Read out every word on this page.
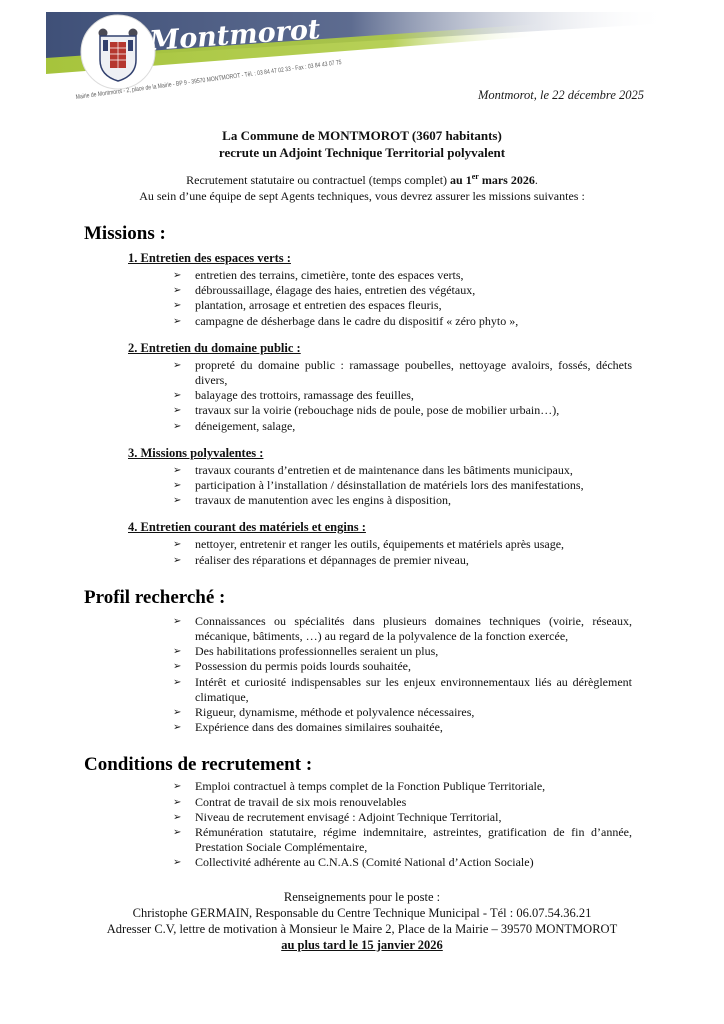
Montmorot
Mairie de Montmorot - 2, place de la Mairie - BP 9 - 39570 MONTMOROT - Tél. : 03 84 47 02 33 - Fax : 03 84 43 07 75	Montmorot, le 22 décembre 2025
La Commune de MONTMOROT (3607 habitants)
recrute un Adjoint Technique Territorial polyvalent
Recrutement statutaire ou contractuel (temps complet) au 1er mars 2026.
Au sein d’une équipe de sept Agents techniques, vous devrez assurer les missions suivantes :
Missions :
1. Entretien des espaces verts :
➢ entretien des terrains, cimetière, tonte des espaces verts,
➢ débroussaillage, élagage des haies, entretien des végétaux,
➢ plantation, arrosage et entretien des espaces fleuris,
➢ campagne de désherbage dans le cadre du dispositif « zéro phyto »,
2. Entretien du domaine public :
➢ propreté du domaine public : ramassage poubelles, nettoyage avaloirs, fossés, déchets divers,
➢ balayage des trottoirs, ramassage des feuilles,
➢ travaux sur la voirie (rebouchage nids de poule, pose de mobilier urbain…),
➢ déneigement, salage,
3. Missions polyvalentes :
➢ travaux courants d’entretien et de maintenance dans les bâtiments municipaux,
➢ participation à l’installation / désinstallation de matériels lors des manifestations,
➢ travaux de manutention avec les engins à disposition,
4. Entretien courant des matériels et engins :
➢ nettoyer, entretenir et ranger les outils, équipements et matériels après usage,
➢ réaliser des réparations et dépannages de premier niveau,
Profil recherché :
➢ Connaissances ou spécialités dans plusieurs domaines techniques (voirie, réseaux, mécanique, bâtiments, …) au regard de la polyvalence de la fonction exercée,
➢ Des habilitations professionnelles seraient un plus,
➢ Possession du permis poids lourds souhaitée,
➢ Intérêt et curiosité indispensables sur les enjeux environnementaux liés au dérèglement climatique,
➢ Rigueur, dynamisme, méthode et polyvalence nécessaires,
➢ Expérience dans des domaines similaires souhaitée,
Conditions de recrutement :
➢ Emploi contractuel à temps complet de la Fonction Publique Territoriale,
➢ Contrat de travail de six mois renouvelables
➢ Niveau de recrutement envisagé : Adjoint Technique Territorial,
➢ Rémunération statutaire, régime indemnitaire, astreintes, gratification de fin d’année, Prestation Sociale Complémentaire,
➢ Collectivité adhérente au C.N.A.S (Comité National d’Action Sociale)
Renseignements pour le poste :
Christophe GERMAIN, Responsable du Centre Technique Municipal - Tél : 06.07.54.36.21
Adresser C.V, lettre de motivation à Monsieur le Maire 2, Place de la Mairie – 39570 MONTMOROT
au plus tard le 15 janvier 2026
